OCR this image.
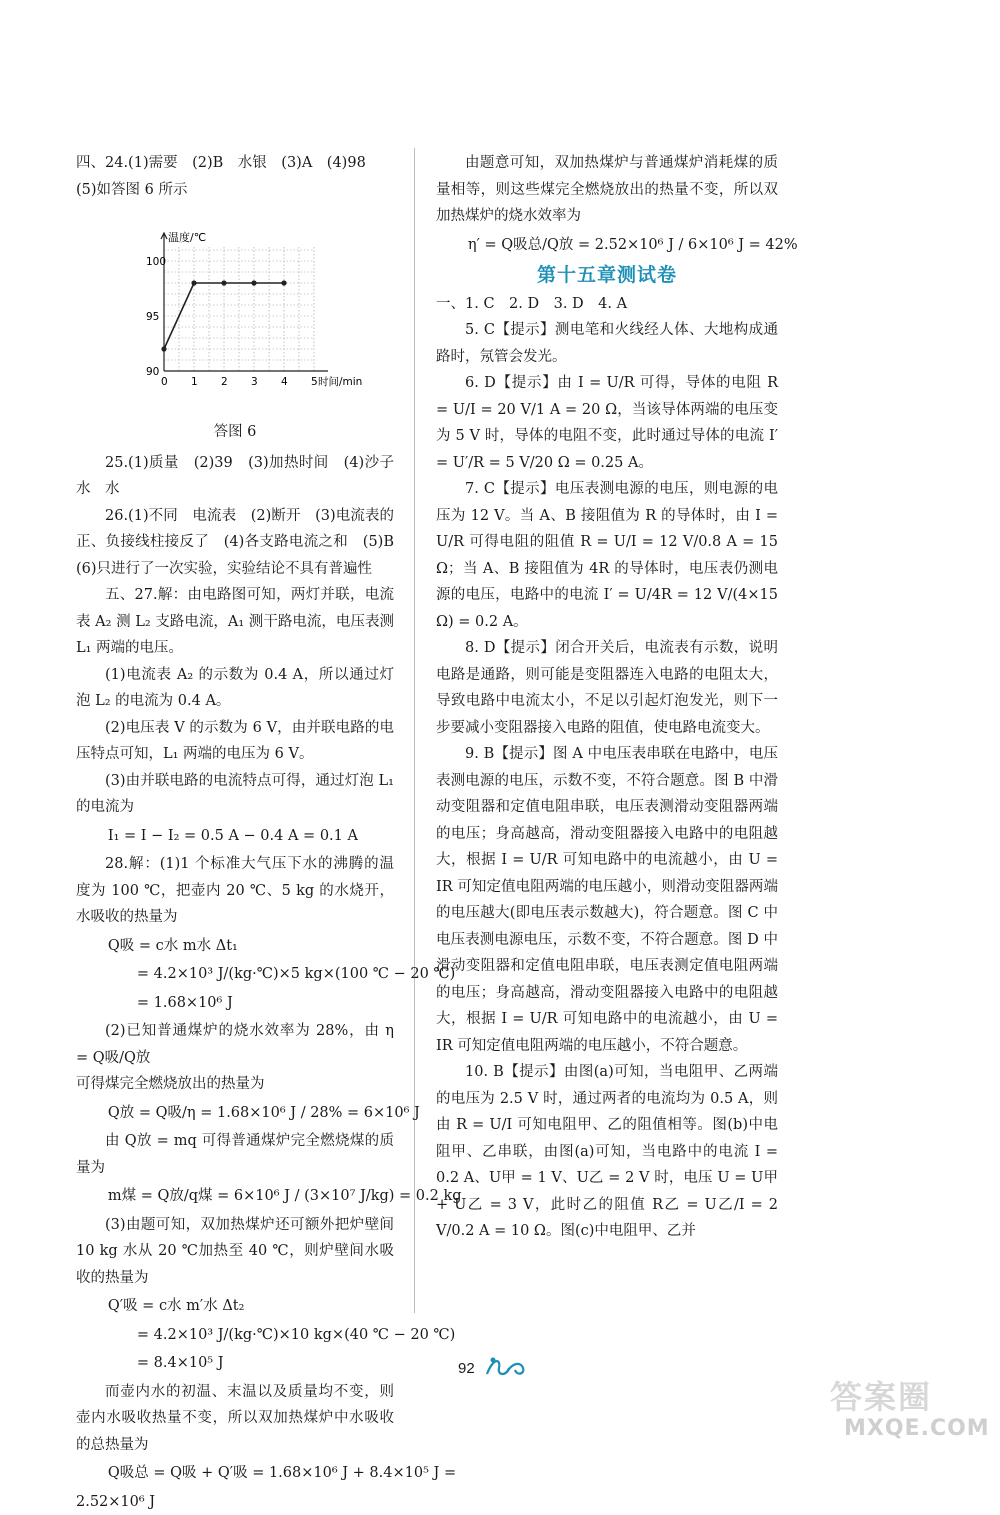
四、24.(1)需要　(2)B　水银　(3)A　(4)98

(5)如答图 6 所示

温度/℃
时间/min
0 1 2 3 4 5
90
95
100

答图 6

25.(1)质量　(2)39　(3)加热时间　(4)沙子　水　水

26.(1)不同　电流表　(2)断开　(3)电流表的正、负接线柱接反了　(4)各支路电流之和　(5)B　(6)只进行了一次实验，实验结论不具有普遍性

五、27.解：由电路图可知，两灯并联，电流表 A₂ 测 L₂ 支路电流，A₁ 测干路电流，电压表测 L₁ 两端的电压。

(1)电流表 A₂ 的示数为 0.4 A，所以通过灯泡 L₂ 的电流为 0.4 A。

(2)电压表 V 的示数为 6 V，由并联电路的电压特点可知，L₁ 两端的电压为 6 V。

(3)由并联电路的电流特点可得，通过灯泡 L₁ 的电流为

I₁ = I − I₂ = 0.5 A − 0.4 A = 0.1 A

28.解：(1)1 个标准大气压下水的沸腾的温度为 100 ℃，把壶内 20 ℃、5 kg 的水烧开，水吸收的热量为

Q吸 = c水 m水 Δt₁

= 4.2×10³ J/(kg·℃)×5 kg×(100 ℃ − 20 ℃)

= 1.68×10⁶ J

(2)已知普通煤炉的烧水效率为 28%，由 η = Q吸/Q放

可得煤完全燃烧放出的热量为

Q放 = Q吸/η = 1.68×10⁶ J / 28% = 6×10⁶ J

由 Q放 = mq 可得普通煤炉完全燃烧煤的质量为

m煤 = Q放/q煤 = 6×10⁶ J / (3×10⁷ J/kg) = 0.2 kg

(3)由题可知，双加热煤炉还可额外把炉壁间 10 kg 水从 20 ℃加热至 40 ℃，则炉壁间水吸收的热量为

Q′吸 = c水 m′水 Δt₂

= 4.2×10³ J/(kg·℃)×10 kg×(40 ℃ − 20 ℃)

= 8.4×10⁵ J

而壶内水的初温、末温以及质量均不变，则壶内水吸收热量不变，所以双加热煤炉中水吸收的总热量为

Q吸总 = Q吸 + Q′吸 = 1.68×10⁶ J + 8.4×10⁵ J =

2.52×10⁶ J

由题意可知，双加热煤炉与普通煤炉消耗煤的质量相等，则这些煤完全燃烧放出的热量不变，所以双加热煤炉的烧水效率为

η′ = Q吸总/Q放 = 2.52×10⁶ J / 6×10⁶ J = 42%

第十五章测试卷

一、1. C　2. D　3. D　4. A

5. C【提示】测电笔和火线经人体、大地构成通路时，氖管会发光。

6. D【提示】由 I = U/R 可得，导体的电阻 R = U/I = 20 V/1 A = 20 Ω，当该导体两端的电压变为 5 V 时，导体的电阻不变，此时通过导体的电流 I′ = U′/R = 5 V/20 Ω = 0.25 A。

7. C【提示】电压表测电源的电压，则电源的电压为 12 V。当 A、B 接阻值为 R 的导体时，由 I = U/R 可得电阻的阻值 R = U/I = 12 V/0.8 A = 15 Ω；当 A、B 接阻值为 4R 的导体时，电压表仍测电源的电压，电路中的电流 I′ = U/4R = 12 V/(4×15 Ω) = 0.2 A。

8. D【提示】闭合开关后，电流表有示数，说明电路是通路，则可能是变阻器连入电路的电阻太大，导致电路中电流太小，不足以引起灯泡发光，则下一步要减小变阻器接入电路的阻值，使电路电流变大。

9. B【提示】图 A 中电压表串联在电路中，电压表测电源的电压，示数不变，不符合题意。图 B 中滑动变阻器和定值电阻串联，电压表测滑动变阻器两端的电压；身高越高，滑动变阻器接入电路中的电阻越大，根据 I = U/R 可知电路中的电流越小，由 U = IR 可知定值电阻两端的电压越小，则滑动变阻器两端的电压越大(即电压表示数越大)，符合题意。图 C 中电压表测电源电压，示数不变，不符合题意。图 D 中滑动变阻器和定值电阻串联，电压表测定值电阻两端的电压；身高越高，滑动变阻器接入电路中的电阻越大，根据 I = U/R 可知电路中的电流越小，由 U = IR 可知定值电阻两端的电压越小，不符合题意。

10. B【提示】由图(a)可知，当电阻甲、乙两端的电压为 2.5 V 时，通过两者的电流均为 0.5 A，则由 R = U/I 可知电阻甲、乙的阻值相等。图(b)中电阻甲、乙串联，由图(a)可知，当电路中的电流 I = 0.2 A、U甲 = 1 V、U乙 = 2 V 时，电压 U = U甲 + U乙 = 3 V，此时乙的阻值 R乙 = U乙/I = 2 V/0.2 A = 10 Ω。图(c)中电阻甲、乙并

92
答案圈
MXQE.COM
